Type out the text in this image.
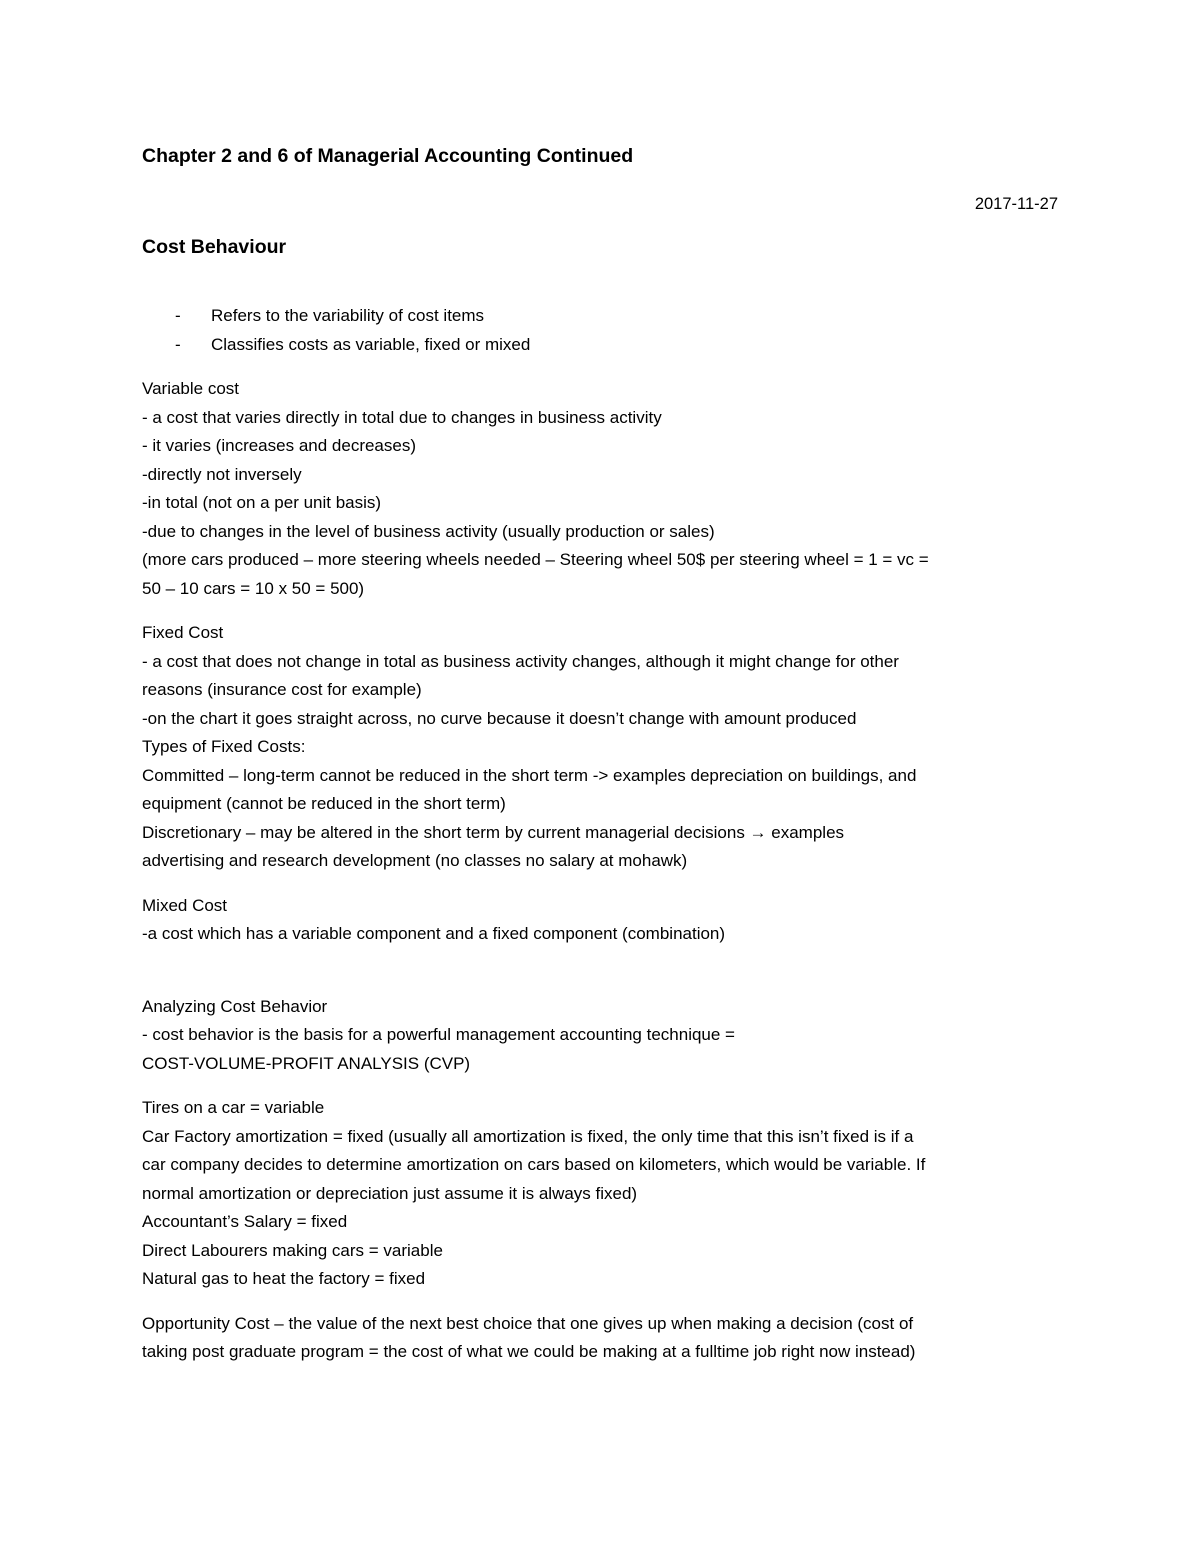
Chapter 2 and 6 of Managerial Accounting Continued
2017-11-27
Cost Behaviour
- Refers to the variability of cost items
- Classifies costs as variable, fixed or mixed
Variable cost
- a cost that varies directly in total due to changes in business activity
- it varies (increases and decreases)
-directly not inversely
-in total (not on a per unit basis)
-due to changes in the level of business activity (usually production or sales)
(more cars produced – more steering wheels needed – Steering wheel 50$ per steering wheel = 1 = vc =
50 – 10 cars = 10 x 50 = 500)
Fixed Cost
- a cost that does not change in total as business activity changes, although it might change for other
reasons (insurance cost for example)
-on the chart it goes straight across, no curve because it doesn’t change with amount produced
Types of Fixed Costs:
Committed – long-term cannot be reduced in the short term -> examples depreciation on buildings, and
equipment (cannot be reduced in the short term)
Discretionary – may be altered in the short term by current managerial decisions → examples
advertising and research development (no classes no salary at mohawk)
Mixed Cost
-a cost which has a variable component and a fixed component (combination)
Analyzing Cost Behavior
- cost behavior is the basis for a powerful management accounting technique =
COST-VOLUME-PROFIT ANALYSIS (CVP)
Tires on a car = variable
Car Factory amortization = fixed (usually all amortization is fixed, the only time that this isn’t fixed is if a
car company decides to determine amortization on cars based on kilometers, which would be variable. If
normal amortization or depreciation just assume it is always fixed)
Accountant’s Salary = fixed
Direct Labourers making cars = variable
Natural gas to heat the factory = fixed
Opportunity Cost – the value of the next best choice that one gives up when making a decision (cost of
taking post graduate program = the cost of what we could be making at a fulltime job right now instead)
